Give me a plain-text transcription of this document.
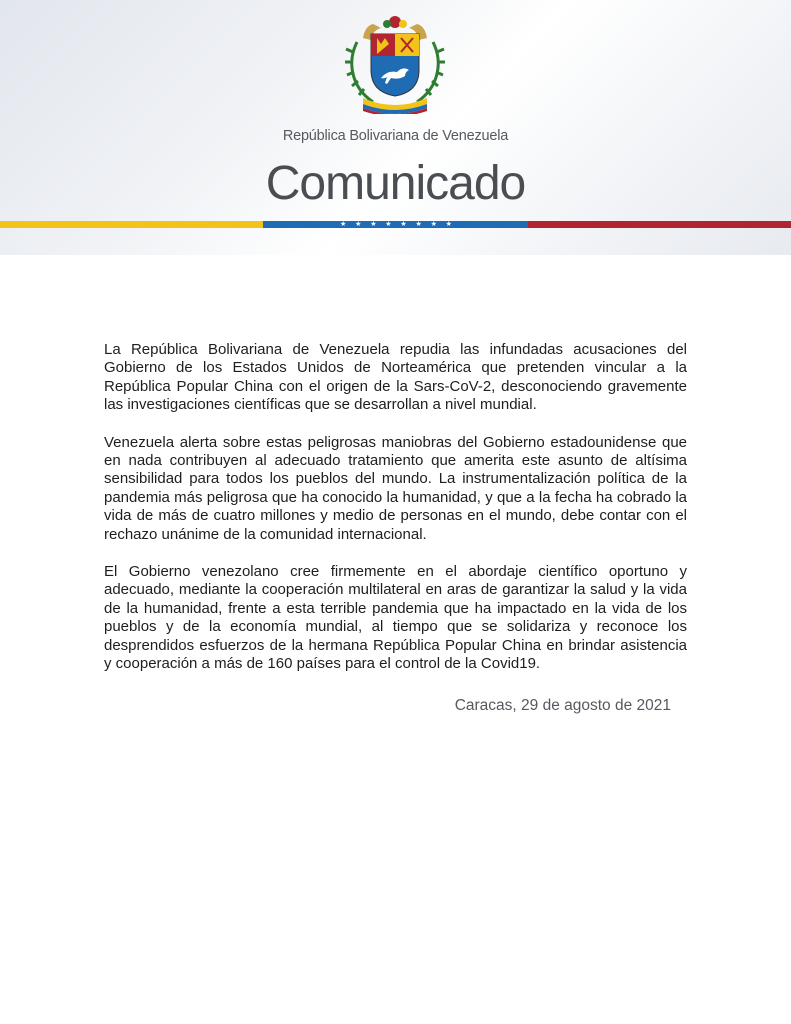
República Bolivariana de Venezuela
Comunicado
★ ★ ★ ★ ★ ★ ★ ★

La República Bolivariana de Venezuela repudia las infundadas acusaciones del Gobierno de los Estados Unidos de Norteamérica que pretenden vincular a la República Popular China con el origen de la Sars-CoV-2, desconociendo gravemente las investigaciones científicas que se desarrollan a nivel mundial.

Venezuela alerta sobre estas peligrosas maniobras del Gobierno estadounidense que en nada contribuyen al adecuado tratamiento que amerita este asunto de altísima sensibilidad para todos los pueblos del mundo. La instrumentalización política de la pandemia más peligrosa que ha conocido la humanidad, y que a la fecha ha cobrado la vida de más de cuatro millones y medio de personas en el mundo, debe contar con el rechazo unánime de la comunidad internacional.

El Gobierno venezolano cree firmemente en el abordaje científico oportuno y adecuado, mediante la cooperación multilateral en aras de garantizar la salud y la vida de la humanidad, frente a esta terrible pandemia que ha impactado en la vida de los pueblos y de la economía mundial, al tiempo que se solidariza y reconoce los desprendidos esfuerzos de la hermana República Popular China en brindar asistencia y cooperación a más de 160 países para el control de la Covid19.

Caracas, 29 de agosto de 2021
